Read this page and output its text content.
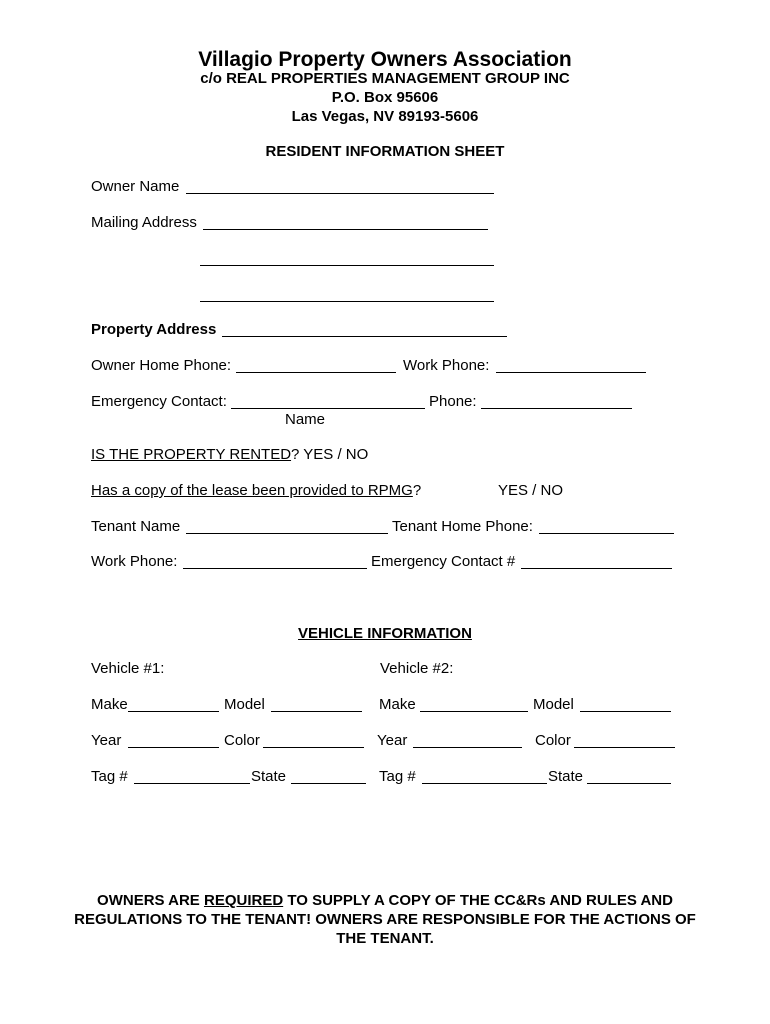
Villagio Property Owners Association
c/o REAL PROPERTIES MANAGEMENT GROUP INC
P.O. Box 95606
Las Vegas, NV 89193-5606
RESIDENT INFORMATION SHEET
Owner Name
Mailing Address
Property Address
Owner Home Phone:	Work Phone:
Emergency Contact:	Phone:
Name
IS THE PROPERTY RENTED? YES / NO
Has a copy of the lease been provided to RPMG?	YES / NO
Tenant Name	Tenant Home Phone:
Work Phone:	Emergency Contact #
VEHICLE INFORMATION
Vehicle #1:	Vehicle #2:
Make	Model	Make	Model
Year	Color	Year	Color
Tag #	State	Tag #	State
OWNERS ARE REQUIRED TO SUPPLY A COPY OF THE CC&Rs AND RULES AND REGULATIONS TO THE TENANT! OWNERS ARE RESPONSIBLE FOR THE ACTIONS OF THE TENANT.
